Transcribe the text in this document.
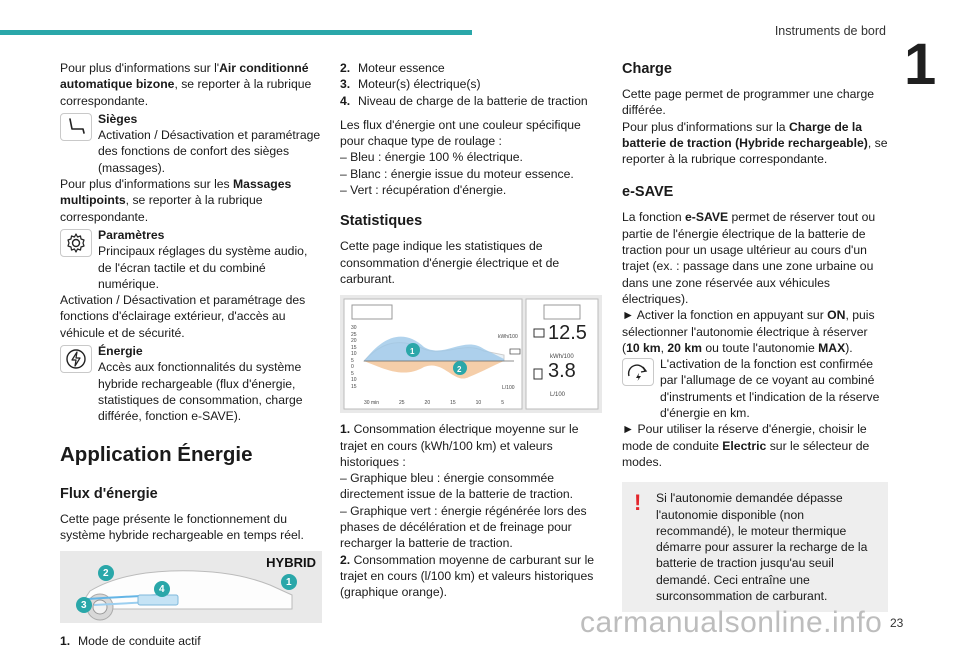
Instruments de bord
1

Pour plus d'informations sur l'Air conditionné automatique bizone, se reporter à la rubrique correspondante.

Sièges
Activation / Désactivation et paramétrage des fonctions de confort des sièges (massages).

Pour plus d'informations sur les Massages multipoints, se reporter à la rubrique correspondante.

Paramètres
Principaux réglages du système audio, de l'écran tactile et du combiné numérique.

Activation / Désactivation et paramétrage des fonctions d'éclairage extérieur, d'accès au véhicule et de sécurité.

Énergie
Accès aux fonctionnalités du système hybride rechargeable (flux d'énergie, statistiques de consommation, charge différée, fonction e-SAVE).
Application Énergie
Flux d'énergie

Cette page présente le fonctionnement du système hybride rechargeable en temps réel.

2
4
3
1
HYBRID
1. Mode de conduite actif
2. Moteur essence
3. Moteur(s) électrique(s)
4. Niveau de charge de la batterie de traction

Les flux d'énergie ont une couleur spécifique pour chaque type de roulage :

– Bleu : énergie 100 % électrique.

– Blanc : énergie issue du moteur essence.

– Vert : récupération d'énergie.

Statistiques

Cette page indique les statistiques de consommation d'énergie électrique et de carburant.

30
25
20
15
10
5
0
5
10
15
30 min	25	20	15	10	5
kWh/100
L/100
1
2
12.5
kWh/100
3.8
L/100

1. Consommation électrique moyenne sur le trajet en cours (kWh/100 km) et valeurs historiques :

– Graphique bleu : énergie consommée directement issue de la batterie de traction.

– Graphique vert : énergie régénérée lors des phases de décélération et de freinage pour recharger la batterie de traction.

2. Consommation moyenne de carburant sur le trajet en cours (l/100 km) et valeurs historiques (graphique orange).

Charge

Cette page permet de programmer une charge différée.

Pour plus d'informations sur la Charge de la batterie de traction (Hybride rechargeable), se reporter à la rubrique correspondante.

e-SAVE

La fonction e-SAVE permet de réserver tout ou partie de l'énergie électrique de la batterie de traction pour un usage ultérieur au cours d'un trajet (ex. : passage dans une zone urbaine ou dans une zone réservée aux véhicules électriques).

► Activer la fonction en appuyant sur ON, puis sélectionner l'autonomie électrique à réserver (10 km, 20 km ou toute l'autonomie MAX).

L'activation de la fonction est confirmée par l'allumage de ce voyant au combiné d'instruments et l'indication de la réserve d'énergie en km.

► Pour utiliser la réserve d'énergie, choisir le mode de conduite Electric sur le sélecteur de modes.

! Si l'autonomie demandée dépasse l'autonomie disponible (non recommandé), le moteur thermique démarre pour assurer la recharge de la batterie de traction jusqu'au seuil demandé. Ceci entraîne une surconsommation de carburant.
carmanualsonline.info 23
